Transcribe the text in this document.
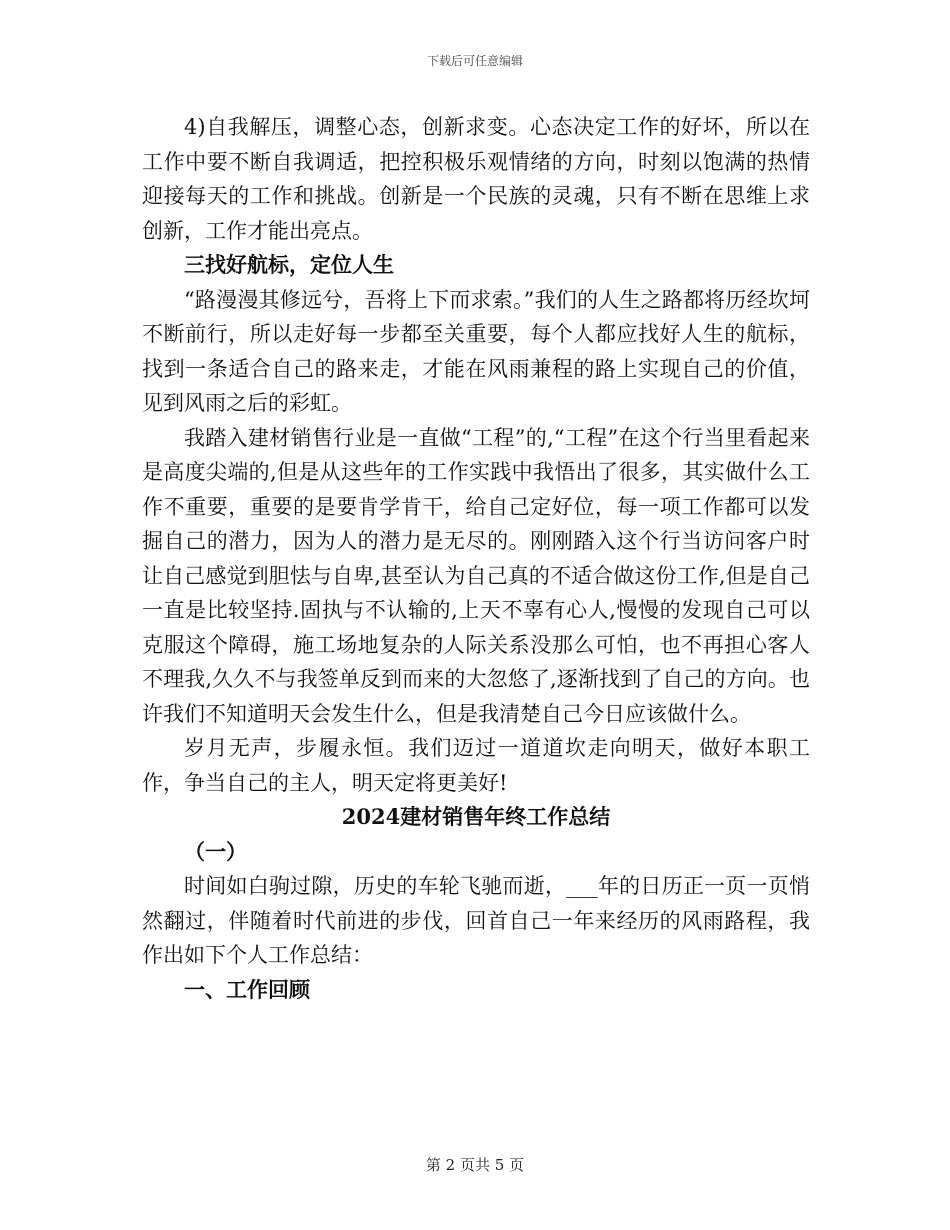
下载后可任意编辑

4)自我解压，调整心态，创新求变。心态决定工作的好坏，所以在工作中要不断自我调适，把控积极乐观情绪的方向，时刻以饱满的热情迎接每天的工作和挑战。创新是一个民族的灵魂，只有不断在思维上求创新，工作才能出亮点。

三找好航标，定位人生

“路漫漫其修远兮，吾将上下而求索。”我们的人生之路都将历经坎坷不断前行，所以走好每一步都至关重要，每个人都应找好人生的航标，找到一条适合自己的路来走，才能在风雨兼程的路上实现自己的价值，见到风雨之后的彩虹。

我踏入建材销售行业是一直做“工程”的,“工程”在这个行当里看起来是高度尖端的,但是从这些年的工作实践中我悟出了很多，其实做什么工作不重要，重要的是要肯学肯干，给自己定好位，每一项工作都可以发掘自己的潜力，因为人的潜力是无尽的。刚刚踏入这个行当访问客户时让自己感觉到胆怯与自卑,甚至认为自己真的不适合做这份工作,但是自己一直是比较坚持.固执与不认输的,上天不辜有心人,慢慢的发现自己可以克服这个障碍，施工场地复杂的人际关系没那么可怕，也不再担心客人不理我,久久不与我签单反到而来的大忽悠了,逐渐找到了自己的方向。也许我们不知道明天会发生什么，但是我清楚自己今日应该做什么。

岁月无声，步履永恒。我们迈过一道道坎走向明天，做好本职工作，争当自己的主人，明天定将更美好!

2024建材销售年终工作总结

（一）

时间如白驹过隙，历史的车轮飞驰而逝，___年的日历正一页一页悄然翻过，伴随着时代前进的步伐，回首自己一年来经历的风雨路程，我作出如下个人工作总结：

一、工作回顾

第 2 页共 5 页
